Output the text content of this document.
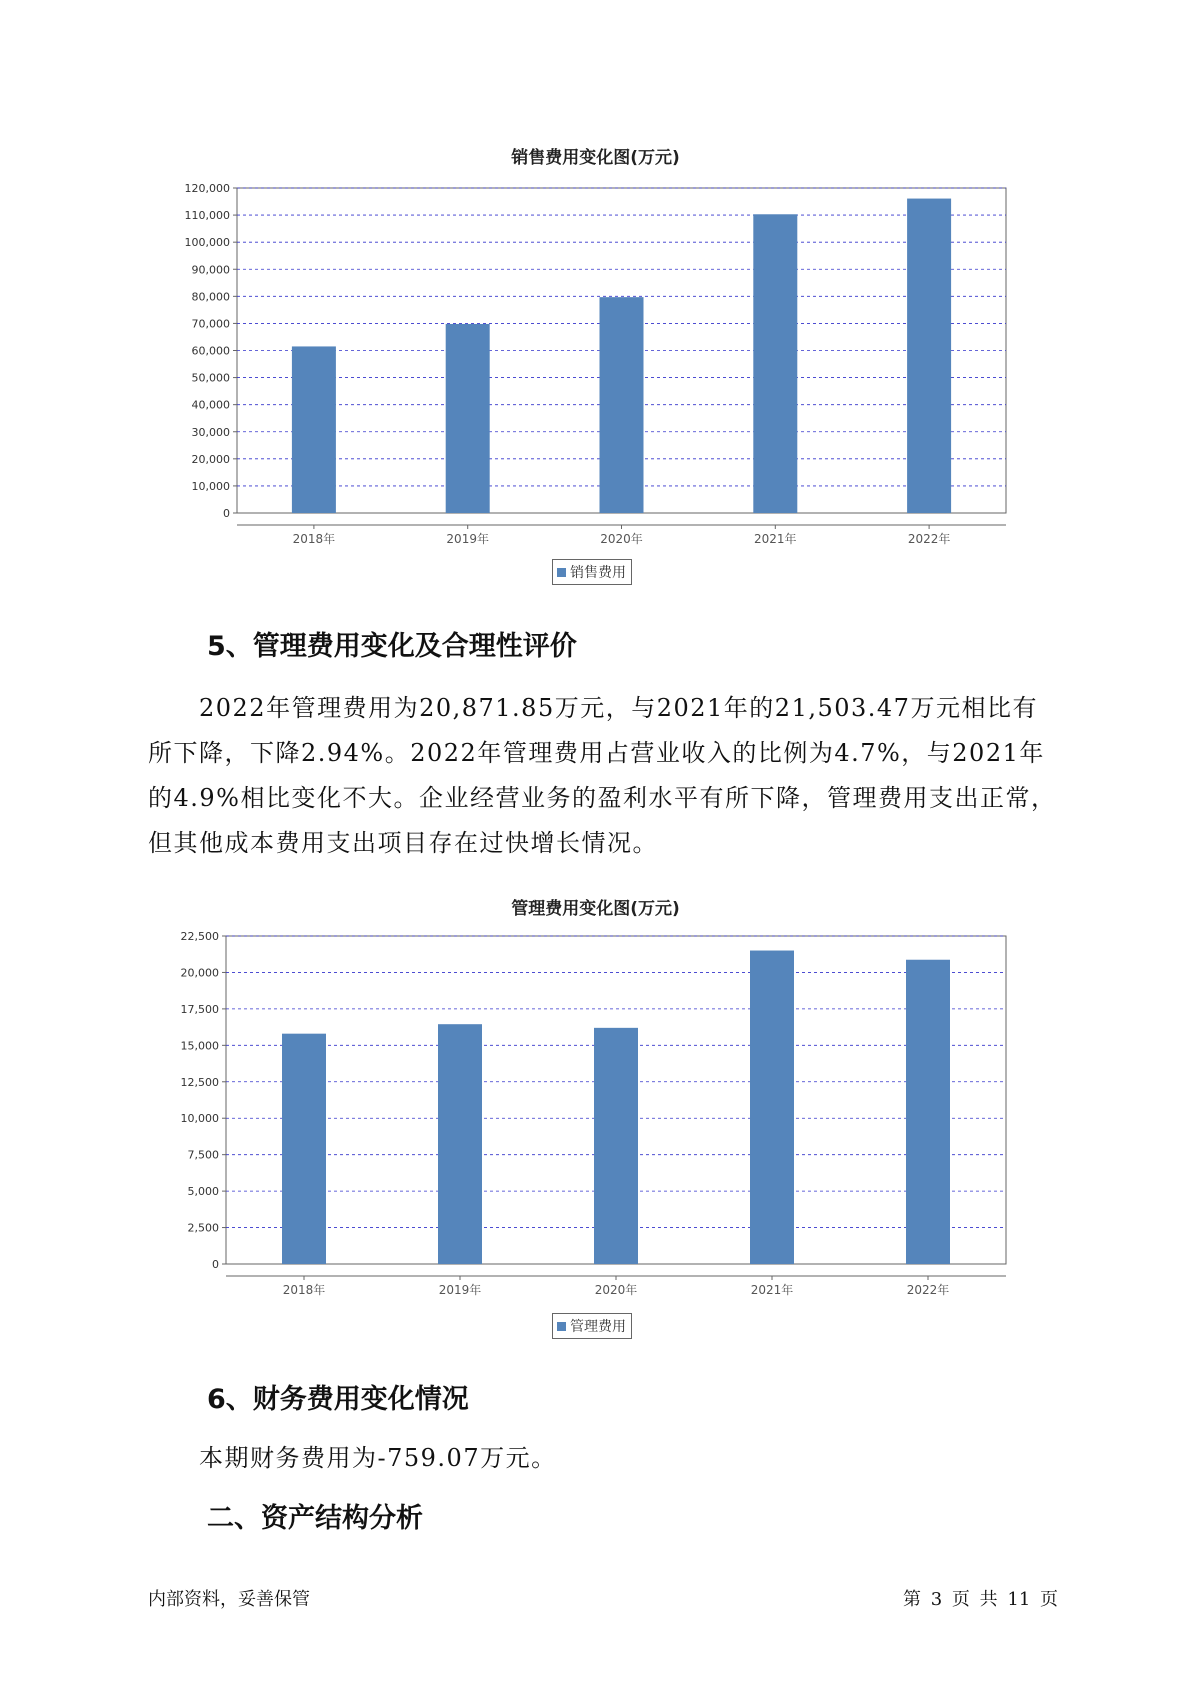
销售费用变化图(万元)
0
10,000
20,000
30,000
40,000
50,000
60,000
70,000
80,000
90,000
100,000
110,000
120,000
2018年	2019年	2020年	2021年	2022年
销售费用
5、管理费用变化及合理性评价

2022年管理费用为20,871.85万元，与2021年的21,503.47万元相比有所下降，下降2.94%。2022年管理费用占营业收入的比例为4.7%，与2021年的4.9%相比变化不大。企业经营业务的盈利水平有所下降，管理费用支出正常，但其他成本费用支出项目存在过快增长情况。

管理费用变化图(万元)
0
2,500
5,000
7,500
10,000
12,500
15,000
17,500
20,000
22,500
2018年	2019年	2020年	2021年	2022年
管理费用
6、财务费用变化情况

本期财务费用为-759.07万元。

二、资产结构分析
内部资料，妥善保管	第 3 页 共 11 页
